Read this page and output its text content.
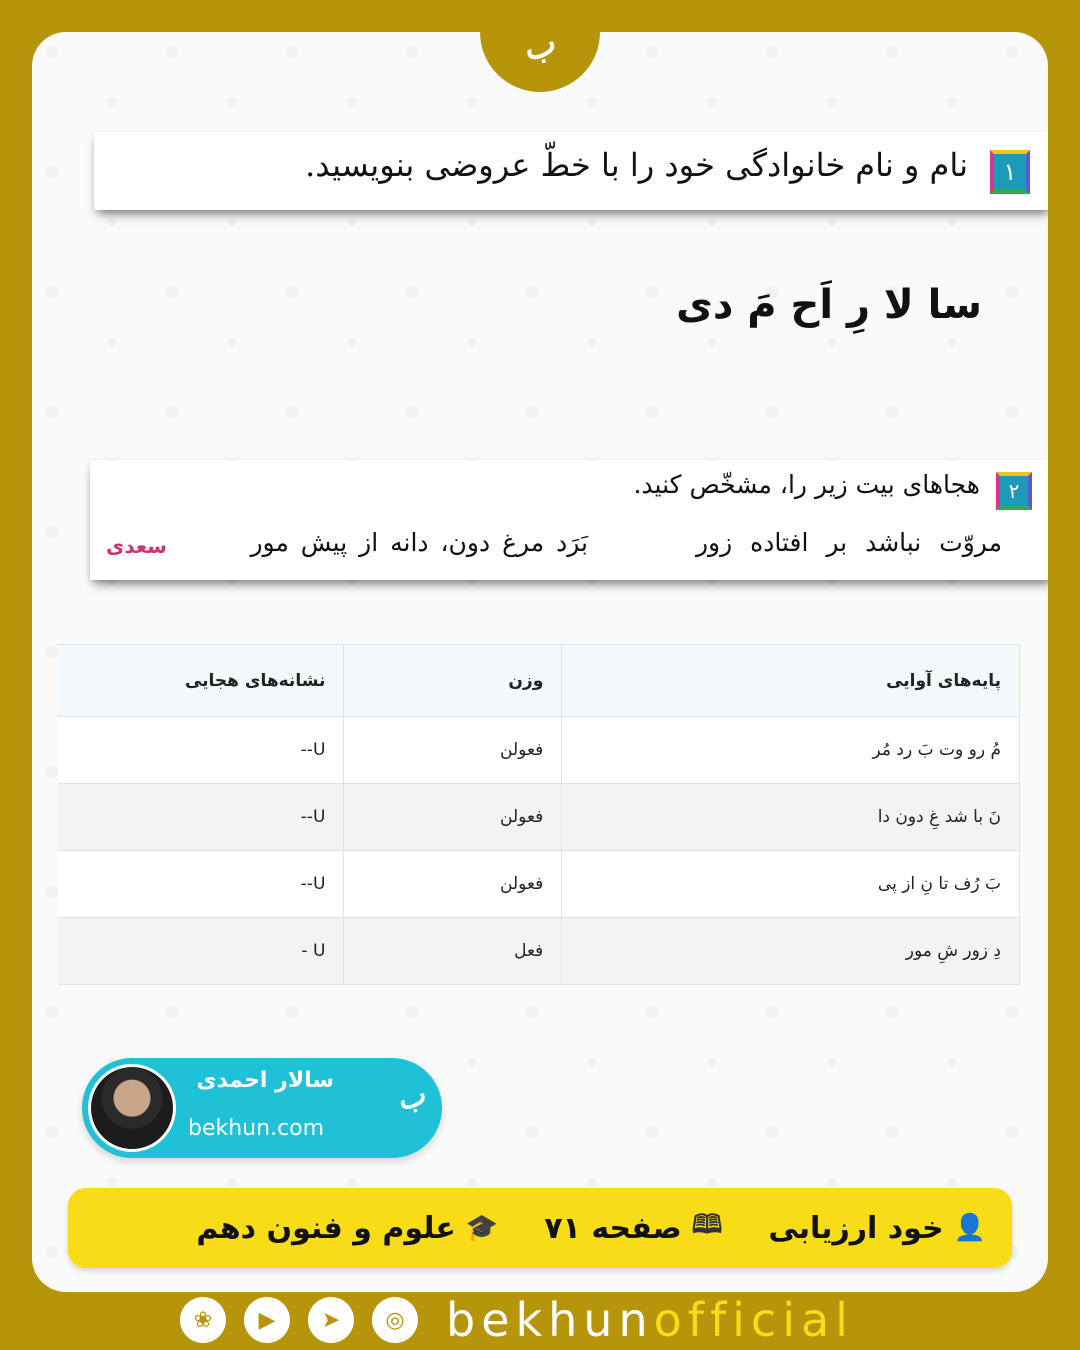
۱
نام و نام خانوادگی خود را با خطّ عروضی بنویسید.
سا لا رِ اَح مَ دی
۲
هجاهای بیت زیر را، مشخّص کنید.
مروّت نباشد بر افتاده زور
بَرَد مرغ دون، دانه از پیش مور
سعدی
پایه‌های آوایی	وزن	نشانه‌های هجایی
مُ رو وت بَ رد مُر	فعولن	U--
نَ با شد غِ دون دا	فعولن	U--
بَ رُف تا نِ از پی	فعولن	U--
دِ زور شِ مور	فعل	U -
سالار احمدی
bekhun.com
ب
👤
خود ارزیابی
🕮
صفحه ۷۱
🎓
علوم و فنون دهم
ب
❀	▶	➤	◎ bekhunofficial
